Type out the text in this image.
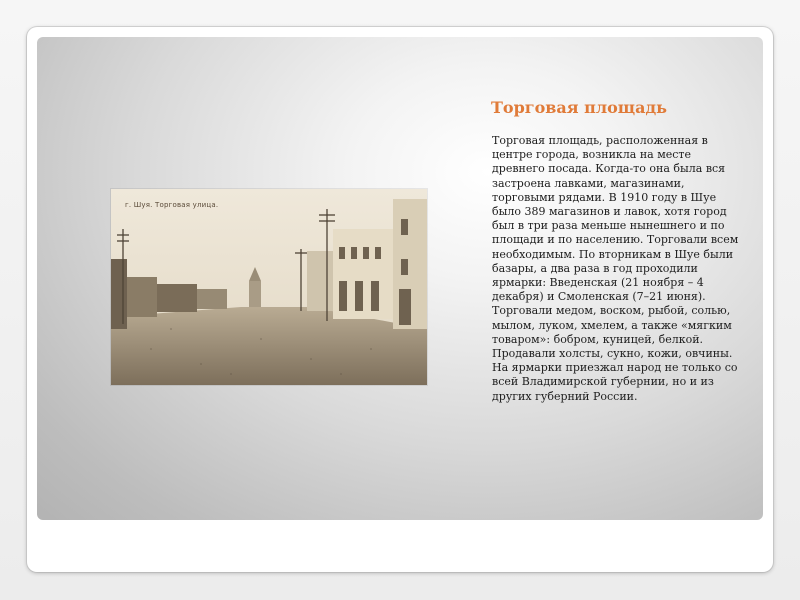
г. Шуя. Торговая улица.
Торговая площадь

Торговая площадь, расположенная в центре города, возникла на месте древнего посада. Когда-то она была вся застроена лавками, магазинами, торговыми рядами. В 1910 году в Шуе было 389 магазинов и лавок, хотя город был в три раза меньше нынешнего и по площади и по населению. Торговали всем необходимым. По вторникам в Шуе были базары, а два раза в год проходили ярмарки: Введенская (21 ноября – 4 декабря) и Смоленская (7–21 июня). Торговали медом, воском, рыбой, солью, мылом, луком, хмелем, а также «мягким товаром»: бобром, куницей, белкой. Продавали холсты, сукно, кожи, овчины. На ярмарки приезжал народ не только со всей Владимирской губернии, но и из других губерний России.
